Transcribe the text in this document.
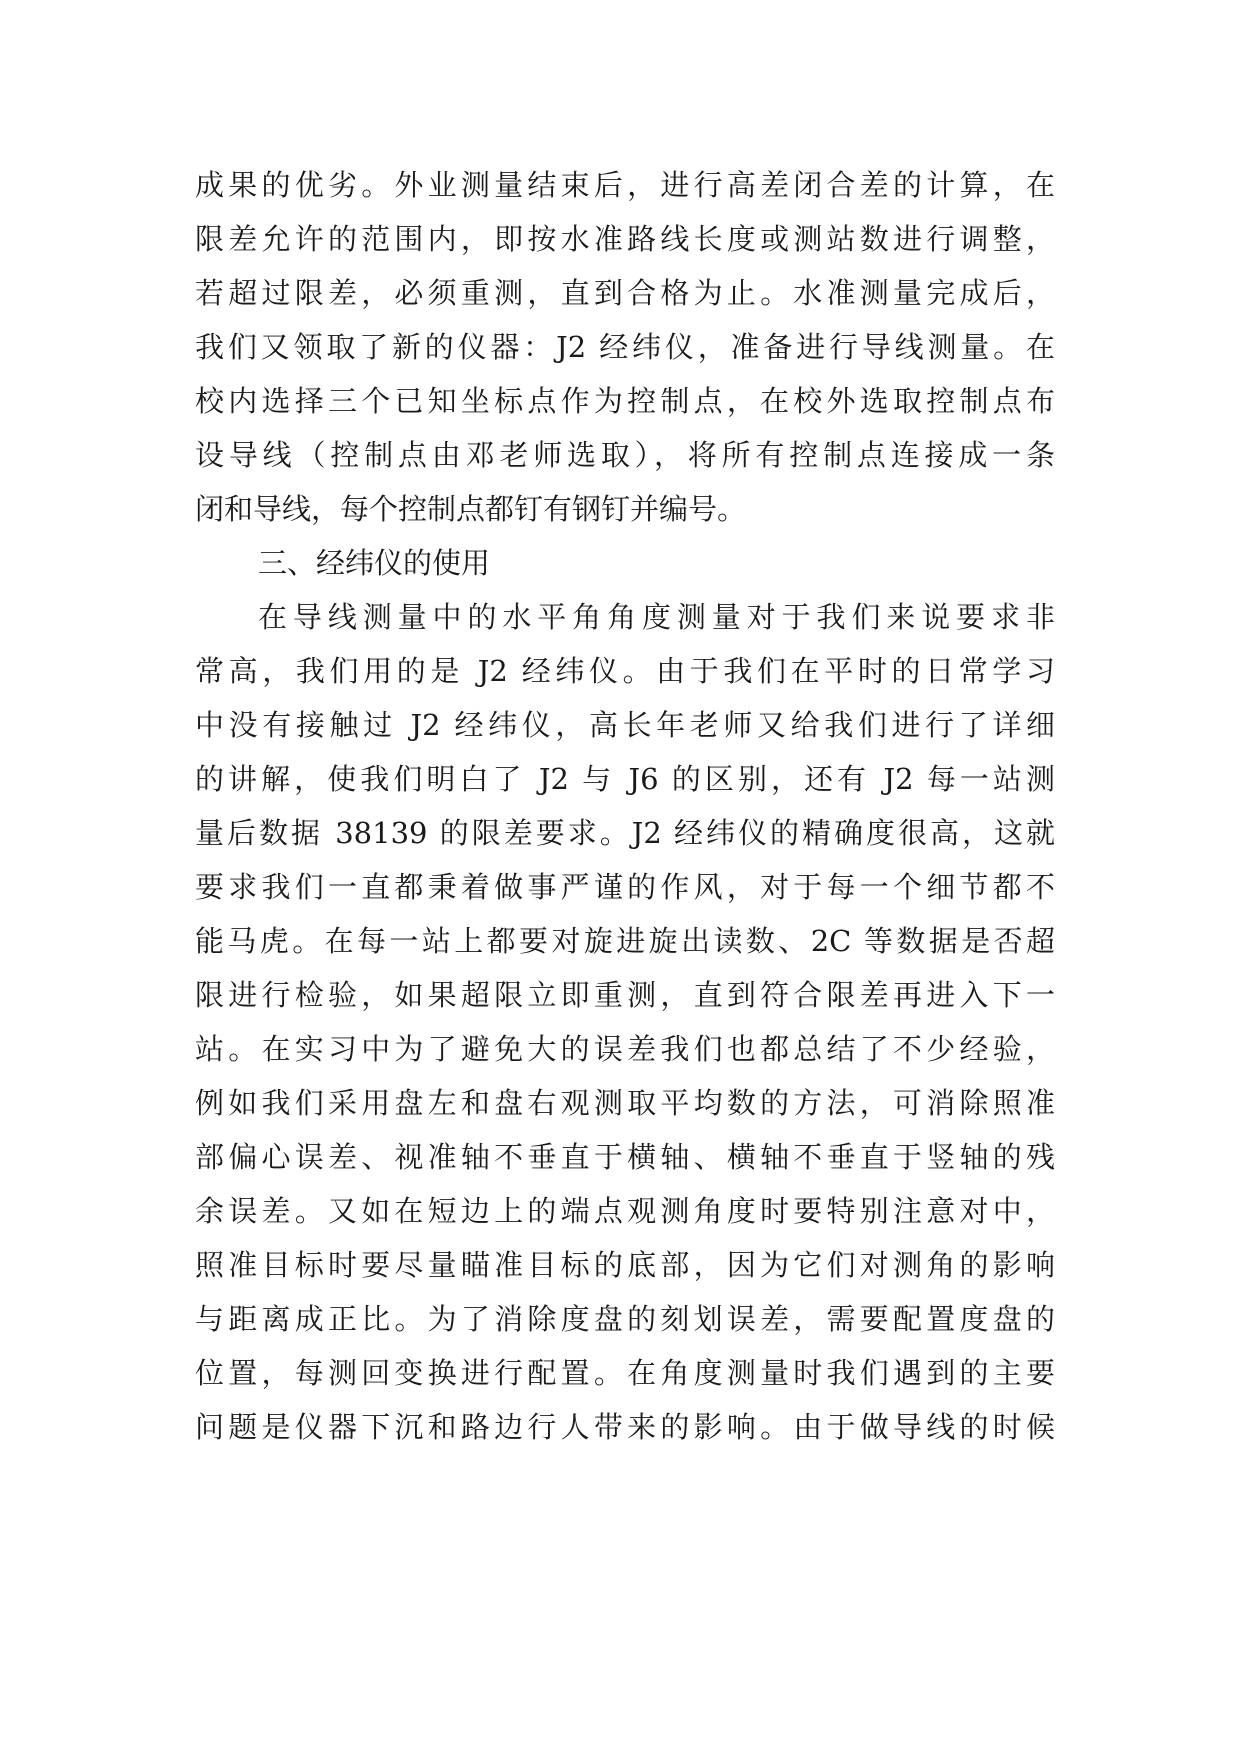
成果的优劣。外业测量结束后，进行高差闭合差的计算，在
限差允许的范围内，即按水准路线长度或测站数进行调整，
若超过限差，必须重测，直到合格为止。水准测量完成后，
我们又领取了新的仪器：J2 经纬仪，准备进行导线测量。在
校内选择三个已知坐标点作为控制点，在校外选取控制点布
设导线（控制点由邓老师选取），将所有控制点连接成一条
闭和导线，每个控制点都钉有钢钉并编号。
三、经纬仪的使用
在导线测量中的水平角角度测量对于我们来说要求非
常高，我们用的是 J2 经纬仪。由于我们在平时的日常学习
中没有接触过 J2 经纬仪，高长年老师又给我们进行了详细
的讲解，使我们明白了 J2 与 J6 的区别，还有 J2 每一站测
量后数据 38139 的限差要求。J2 经纬仪的精确度很高，这就
要求我们一直都秉着做事严谨的作风，对于每一个细节都不
能马虎。在每一站上都要对旋进旋出读数、2C 等数据是否超
限进行检验，如果超限立即重测，直到符合限差再进入下一
站。在实习中为了避免大的误差我们也都总结了不少经验，
例如我们采用盘左和盘右观测取平均数的方法，可消除照准
部偏心误差、视准轴不垂直于横轴、横轴不垂直于竖轴的残
余误差。又如在短边上的端点观测角度时要特别注意对中，
照准目标时要尽量瞄准目标的底部，因为它们对测角的影响
与距离成正比。为了消除度盘的刻划误差，需要配置度盘的
位置，每测回变换进行配置。在角度测量时我们遇到的主要
问题是仪器下沉和路边行人带来的影响。由于做导线的时候
